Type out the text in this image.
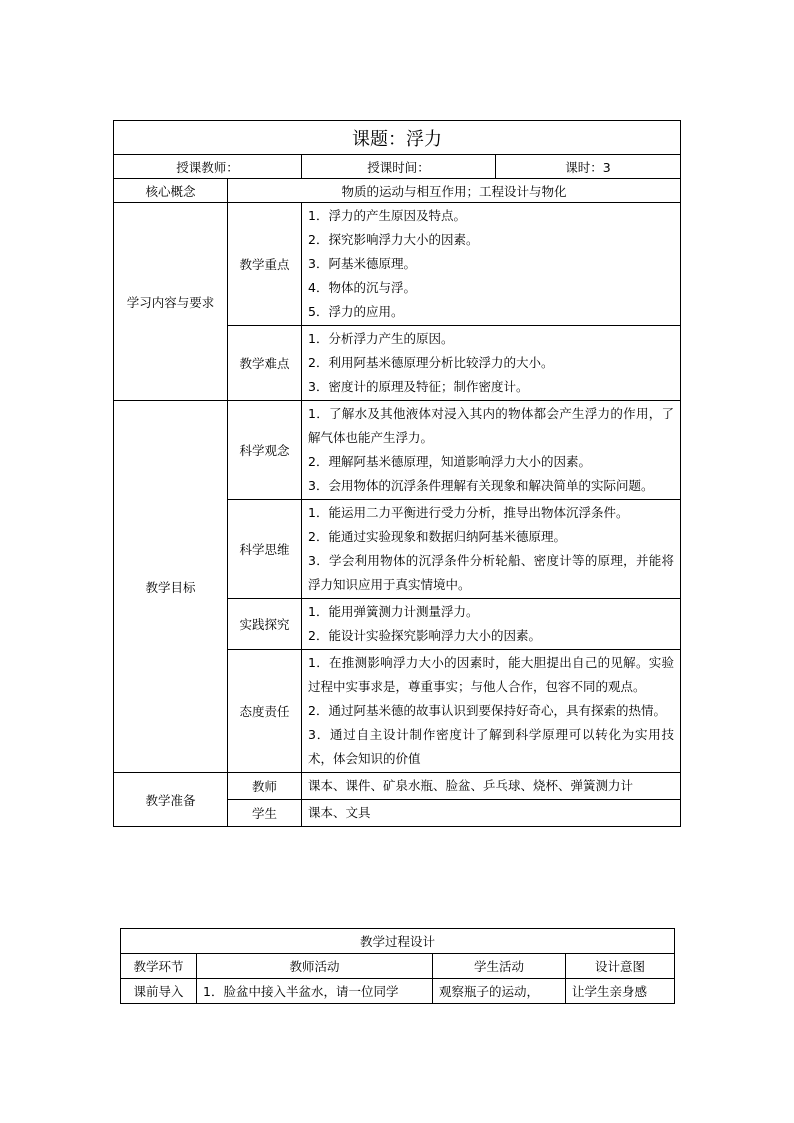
课题：浮力			
授课教师：		授课时间：	课时：3
核心概念	物质的运动与相互作用；工程设计与物化		
学习内容与要求	教学重点	1．浮力的产生原因及特点。
2．探究影响浮力大小的因素。
3．阿基米德原理。
4．物体的沉与浮。
5．浮力的应用。	

	教学难点	1．分析浮力产生的原因。
2．利用阿基米德原理分析比较浮力的大小。
3．密度计的原理及特征；制作密度计。	

教学目标	科学观念	1．了解水及其他液体对浸入其内的物体都会产生浮力的作用，了解气体也能产生浮力。
2．理解阿基米德原理，知道影响浮力大小的因素。
3．会用物体的沉浮条件理解有关现象和解决简单的实际问题。	

	科学思维	1．能运用二力平衡进行受力分析，推导出物体沉浮条件。
2．能通过实验现象和数据归纳阿基米德原理。
3．学会利用物体的沉浮条件分析轮船、密度计等的原理，并能将浮力知识应用于真实情境中。	

	实践探究	1．能用弹簧测力计测量浮力。
2．能设计实验探究影响浮力大小的因素。	

	态度责任	1．在推测影响浮力大小的因素时，能大胆提出自己的见解。实验过程中实事求是，尊重事实；与他人合作，包容不同的观点。
2．通过阿基米德的故事认识到要保持好奇心，具有探索的热情。
3．通过自主设计制作密度计了解到科学原理可以转化为实用技术，体会知识的价值	

教学准备	教师	课本、课件、矿泉水瓶、脸盆、乒乓球、烧杯、弹簧测力计	
	学生	课本、文具	
教学过程设计			
教学环节	教师活动	学生活动	设计意图
课前导入	1．脸盆中接入半盆水，请一位同学	观察瓶子的运动，	让学生亲身感
